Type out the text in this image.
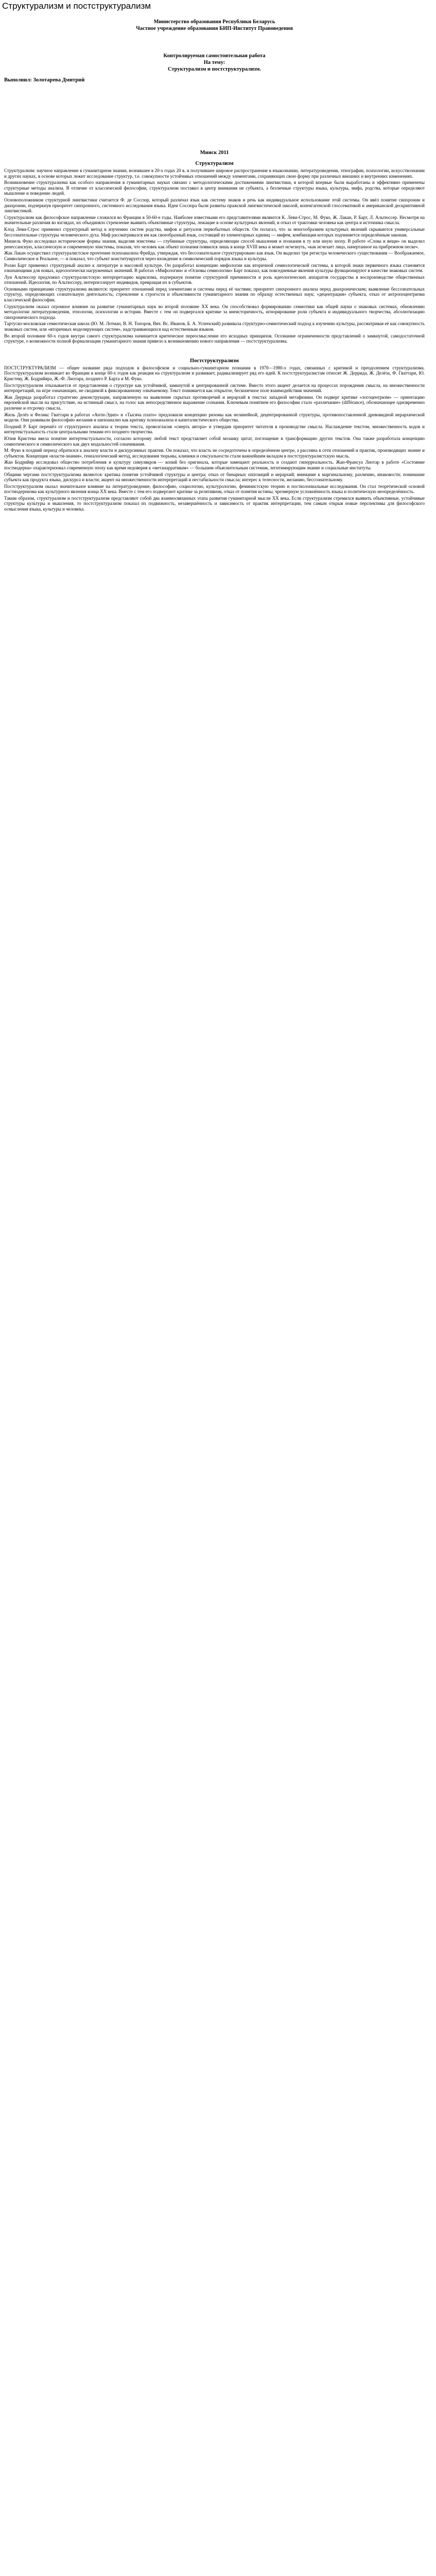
Структурализм и постструктурализм
Министерство образования Республики Беларусь
Частное учреждение образования БИП-Институт Правоведения
Контролируемая самостоятельная работа
На тему:
Структурализм и постструктурализм.
Выполнил: Золотарева Дмитрий
Минск 2011
Структурализм

Структурализм: научное направление в гуманитарном знании, возникшее в 20-х годах 20 в. и получившее широкое распространение в языкознании, литературоведении, этнографии, психологии, искусствознании и других науках, в основе которых лежит исследование структур, т.е. совокупности устойчивых отношений между элементами, сохраняющих свою форму при различных внешних и внутренних изменениях.

Возникновение структурализма как особого направления в гуманитарных науках связано с методологическими достижениями лингвистики, в которой впервые были выработаны и эффективно применены структурные методы анализа. В отличие от классической философии, структурализм поставил в центр внимания не субъекта, а безличные структуры языка, культуры, мифа, родства, которые определяют мышление и поведение людей.

Основоположником структурной лингвистики считается Ф. де Соссюр, который различал язык как систему знаков и речь как индивидуальное использование этой системы. Он ввёл понятие синхронии и диахронии, подчеркнув приоритет синхронного, системного исследования языка. Идеи Соссюра были развиты пражской лингвистической школой, копенгагенской глоссематикой и американской дескриптивной лингвистикой.

Структурализм как философское направление сложился во Франции в 50-60-е годы. Наиболее известными его представителями являются К. Леви-Строс, М. Фуко, Ж. Лакан, Р. Барт, Л. Альтюссер. Несмотря на значительные различия во взглядах, их объединяло стремление выявить объективные структуры, лежащие в основе культурных явлений, и отказ от трактовки человека как центра и источника смысла.

Клод Леви-Строс применил структурный метод к изучению систем родства, мифов и ритуалов первобытных обществ. Он полагал, что за многообразием культурных явлений скрываются универсальные бессознательные структуры человеческого духа. Миф рассматривался им как своеобразный язык, состоящий из элементарных единиц — мифем, комбинация которых подчиняется определённым законам.

Мишель Фуко исследовал исторические формы знания, выделяя эпистемы — глубинные структуры, определяющие способ мышления и познания в ту или иную эпоху. В работе «Слова и вещи» он выделил ренессансную, классическую и современную эпистемы, показав, что человек как объект познания появился лишь в конце XVIII века и может исчезнуть, «как исчезает лицо, начертанное на прибрежном песке».

Жак Лакан осуществил структуралистское прочтение психоанализа Фрейда, утверждая, что бессознательное структурировано как язык. Он выделил три регистра человеческого существования — Воображаемое, Символическое и Реальное, — и показал, что субъект конституируется через вхождение в символический порядок языка и культуры.

Ролан Барт применил структурный анализ к литературе и массовой культуре. Он разработал концепцию мифологии как вторичной семиологической системы, в которой знаки первичного языка становятся означающими для новых, идеологически нагруженных значений. В работах «Мифологии» и «Основы семиологии» Барт показал, как повседневные явления культуры функционируют в качестве знаковых систем.

Луи Альтюссер предложил структуралистскую интерпретацию марксизма, подчеркнув понятие структурной причинности и роль идеологических аппаратов государства в воспроизводстве общественных отношений. Идеология, по Альтюссеру, интерпеллирует индивидов, превращая их в субъектов.

Основными принципами структурализма являются: приоритет отношений перед элементами и системы перед её частями; приоритет синхронного анализа перед диахроническим; выявление бессознательных структур, определяющих сознательную деятельность; стремление к строгости и объективности гуманитарного знания по образцу естественных наук; «децентрация» субъекта, отказ от антропоцентризма классической философии.

Структурализм оказал огромное влияние на развитие гуманитарных наук во второй половине XX века. Он способствовал формированию семиотики как общей науки о знаковых системах, обновлению методологии литературоведения, этнологии, психологии и истории. Вместе с тем он подвергался критике за внеисторичность, игнорирование роли субъекта и индивидуального творчества, абсолютизацию синхронического подхода.

Тартуско-московская семиотическая школа (Ю. М. Лотман, В. Н. Топоров, Вяч. Вс. Иванов, Б. А. Успенский) развивала структурно-семиотический подход к изучению культуры, рассматривая её как совокупность знаковых систем, или «вторичных моделирующих систем», надстраивающихся над естественным языком.

Во второй половине 60-х годов внутри самого структурализма начинается критическое переосмысление его исходных принципов. Осознание ограниченности представлений о замкнутой, самодостаточной структуре, о возможности полной формализации гуманитарного знания привело к возникновению нового направления — постструктурализма.

Постструктурализм

ПОСТСТРУКТУРАЛИЗМ — общее название ряда подходов в философском и социально-гуманитарном познании в 1970—1980-х годах, связанных с критикой и преодолением структурализма. Постструктурализм возникает во Франции в конце 60-х годов как реакция на структурализм и развивает, радикализирует ряд его идей. К постструктуралистам относят Ж. Деррида, Ж. Делёза, Ф. Гваттари, Ю. Кристеву, Ж. Бодрийяра, Ж.-Ф. Лиотара, позднего Р. Барта и М. Фуко.

Постструктурализм отказывается от представления о структуре как устойчивой, замкнутой и центрированной системе. Вместо этого акцент делается на процессах порождения смысла, на множественности интерпретаций, на игре означающих, не сводимой к фиксированному означаемому. Текст понимается как открытое, бесконечное поле взаимодействия значений.

Жак Деррида разработал стратегию деконструкции, направленную на выявление скрытых противоречий и иерархий в текстах западной метафизики. Он подверг критике «логоцентризм» — ориентацию европейской мысли на присутствие, на истинный смысл, на голос как непосредственное выражение сознания. Ключевым понятием его философии стало «различание» (différance), обозначающее одновременно различие и отсрочку смысла.

Жиль Делёз и Феликс Гваттари в работах «Анти-Эдип» и «Тысяча плато» предложили концепцию ризомы как нелинейной, децентрированной структуры, противопоставленной древовидной иерархической модели. Они развивали философию желания и шизоанализ как критику психоанализа и капиталистического общества.

Поздний Р. Барт перешёл от структурного анализа к теории текста, провозгласив «смерть автора» и утвердив приоритет читателя в производстве смысла. Наслаждение текстом, множественность кодов и интертекстуальность стали центральными темами его позднего творчества.

Юлия Кристева ввела понятие интертекстуальности, согласно которому любой текст представляет собой мозаику цитат, поглощение и трансформацию других текстов. Она также разработала концепцию семиотического и символического как двух модальностей означивания.

М. Фуко в поздний период обратился к анализу власти и дискурсивных практик. Он показал, что власть не сосредоточена в определённом центре, а рассеяна в сети отношений и практик, производящих знание и субъектов. Концепция «власти-знания», генеалогический метод, исследования тюрьмы, клиники и сексуальности стали важнейшим вкладом в постструктуралистскую мысль.

Жан Бодрийяр исследовал общество потребления и культуру симулякров — копий без оригинала, которые замещают реальность и создают гиперреальность. Жан-Франсуа Лиотар в работе «Состояние постмодерна» охарактеризовал современную эпоху как время недоверия к «метанарративам» — большим объяснительным системам, легитимирующим знание и социальные институты.

Общими чертами постструктурализма являются: критика понятия устойчивой структуры и центра; отказ от бинарных оппозиций и иерархий; внимание к маргинальному, различию, инаковости; понимание субъекта как продукта языка, дискурса и власти; акцент на множественности интерпретаций и нестабильности смысла; интерес к телесности, желанию, бессознательному.

Постструктурализм оказал значительное влияние на литературоведение, философию, социологию, культурологию, феминистскую теорию и постколониальные исследования. Он стал теоретической основой постмодернизма как культурного явления конца XX века. Вместе с тем его подвергают критике за релятивизм, отказ от понятия истины, чрезмерную усложнённость языка и политическую неопределённость.

Таким образом, структурализм и постструктурализм представляют собой два взаимосвязанных этапа развития гуманитарной мысли XX века. Если структурализм стремился выявить объективные, устойчивые структуры культуры и мышления, то постструктурализм показал их подвижность, незавершённость и зависимость от практик интерпретации, тем самым открыв новые перспективы для философского осмысления языка, культуры и человека.
